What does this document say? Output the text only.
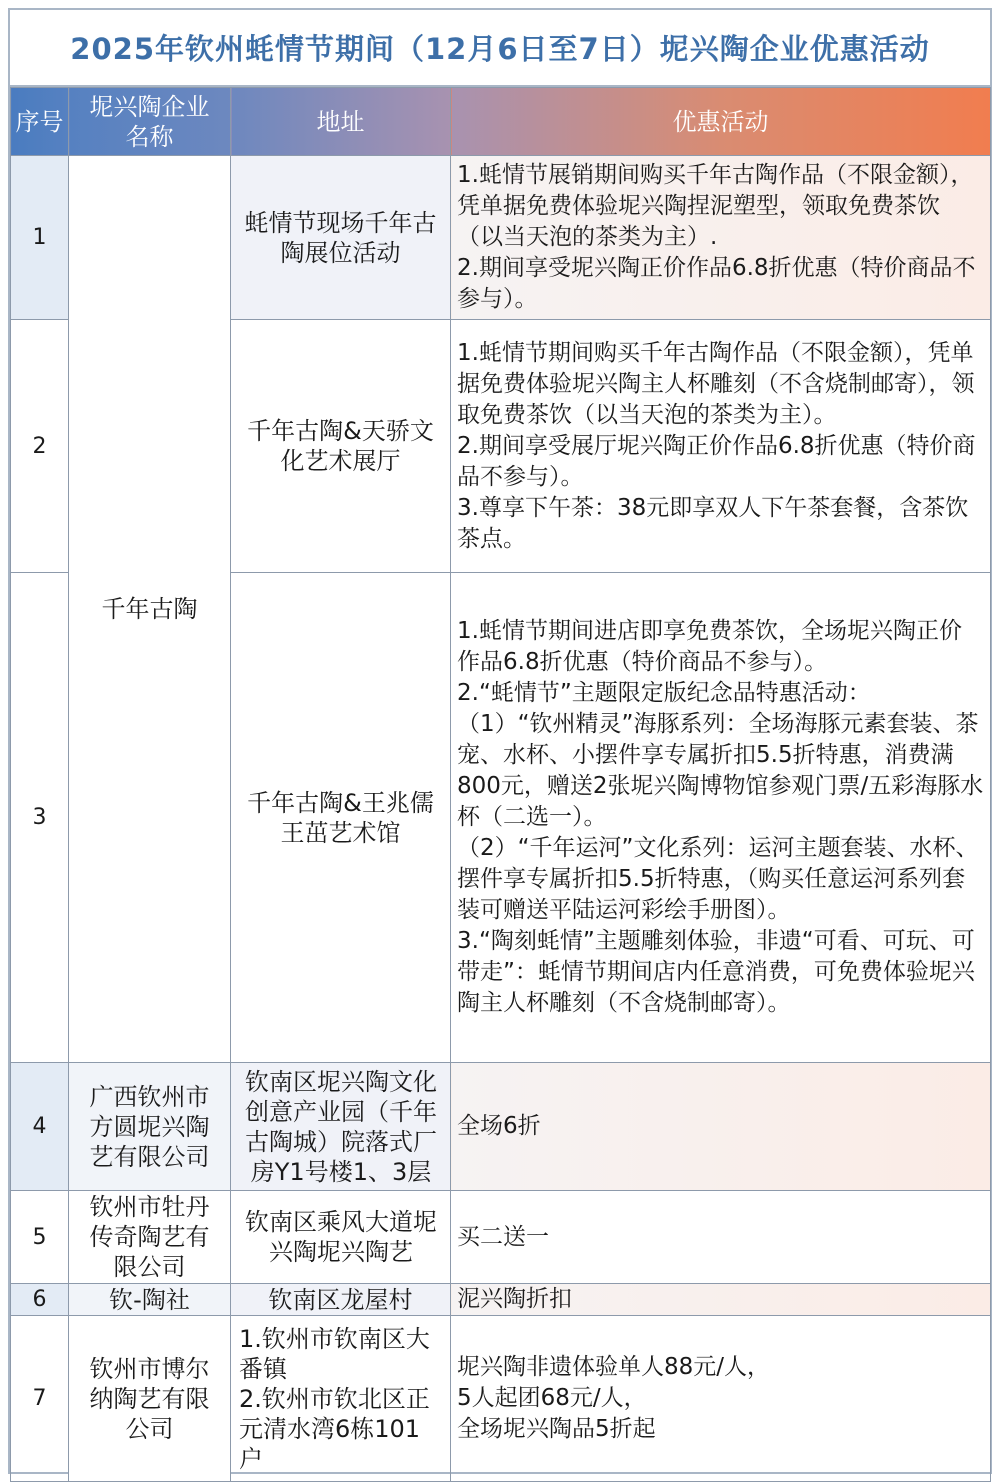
2025年钦州蚝情节期间（12月6日至7日）坭兴陶企业优惠活动
序号	坭兴陶企业名称	地址	优惠活动
1	千年古陶	蚝情节现场千年古陶展位活动	1.蚝情节展销期间购买千年古陶作品（不限金额），凭单据免费体验坭兴陶捏泥塑型，领取免费茶饮（以当天泡的茶类为主）.
2.期间享受坭兴陶正价作品6.8折优惠（特价商品不参与）。

2		千年古陶&天骄文化艺术展厅	1.蚝情节期间购买千年古陶作品（不限金额），凭单据免费体验坭兴陶主人杯雕刻（不含烧制邮寄），领取免费茶饮（以当天泡的茶类为主）。
2.期间享受展厅坭兴陶正价作品6.8折优惠（特价商品不参与）。
3.尊享下午茶：38元即享双人下午茶套餐，含茶饮茶点。

3		千年古陶&王兆儒王茁艺术馆	1.蚝情节期间进店即享免费茶饮，全场坭兴陶正价作品6.8折优惠（特价商品不参与）。
2.“蚝情节”主题限定版纪念品特惠活动：
（1）“钦州精灵”海豚系列：全场海豚元素套装、茶宠、水杯、小摆件享专属折扣5.5折特惠，消费满800元，赠送2张坭兴陶博物馆参观门票/五彩海豚水杯（二选一）。
（2）“千年运河”文化系列：运河主题套装、水杯、摆件享专属折扣5.5折特惠，（购买任意运河系列套装可赠送平陆运河彩绘手册图）。
3.“陶刻蚝情”主题雕刻体验，非遗“可看、可玩、可带走”：蚝情节期间店内任意消费，可免费体验坭兴陶主人杯雕刻（不含烧制邮寄）。

4	广西钦州市方圆坭兴陶艺有限公司	钦南区坭兴陶文化创意产业园（千年古陶城）院落式厂房Y1号楼1、3层	全场6折

5	钦州市牡丹传奇陶艺有限公司	钦南区乘风大道坭兴陶坭兴陶艺	买二送一

6	钦-陶社	钦南区龙屋村	泥兴陶折扣

7	钦州市博尔纳陶艺有限公司	1.钦州市钦南区大番镇
2.钦州市钦北区正元清水湾6栋101户	坭兴陶非遗体验单人88元/人，
5人起团68元/人，
全场坭兴陶品5折起
